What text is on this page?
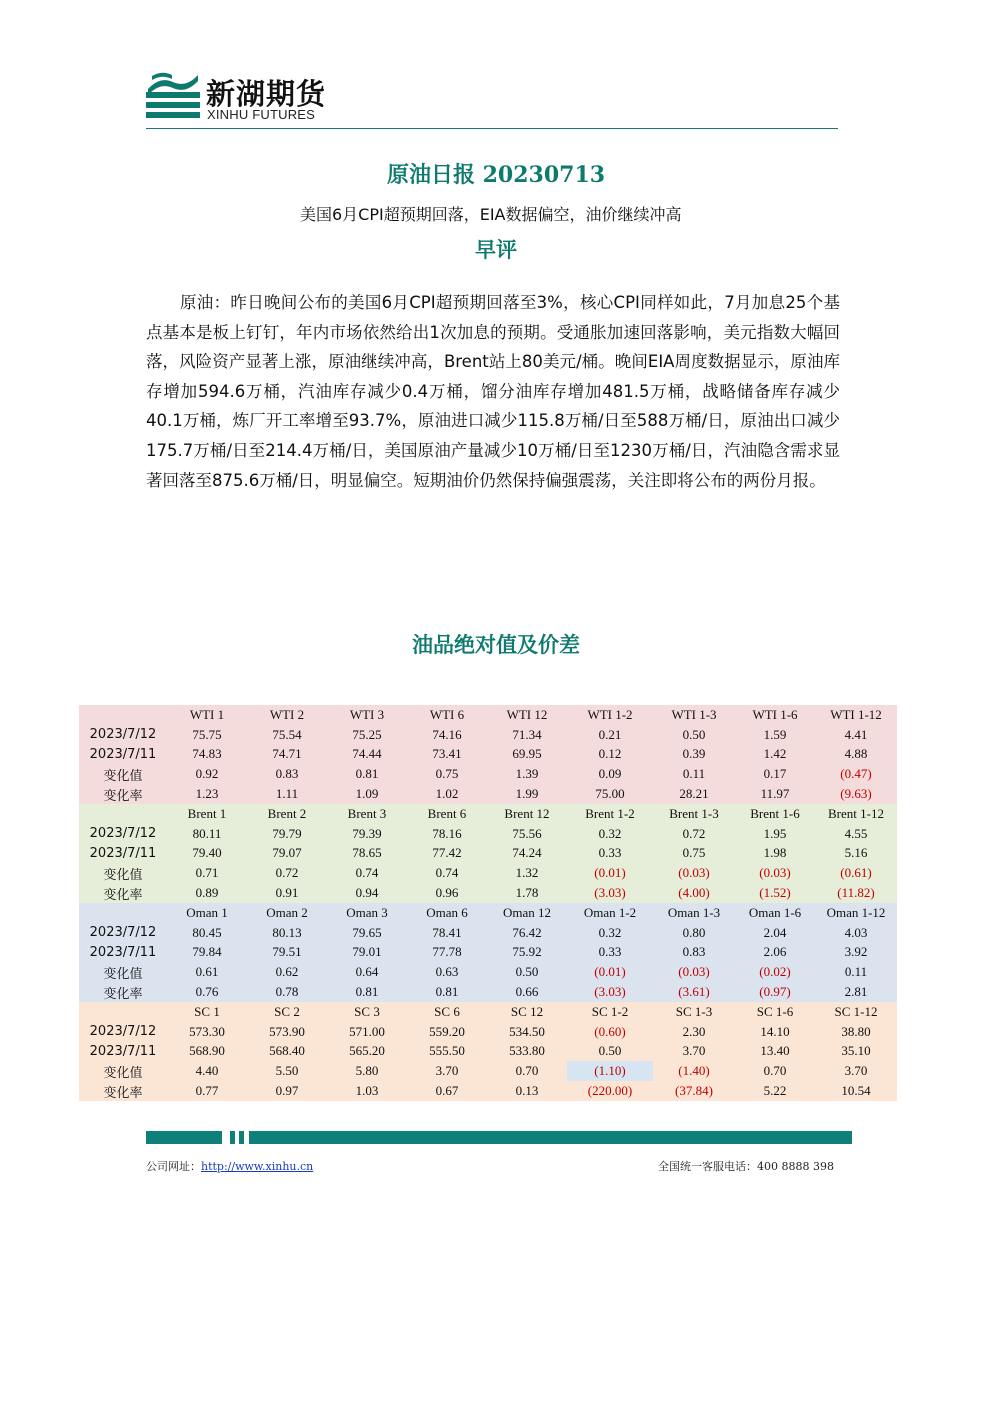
新湖期货
XINHU FUTURES
原油日报 20230713
美国6月CPI超预期回落，EIA数据偏空，油价继续冲高
早评

原油：昨日晚间公布的美国6月CPI超预期回落至3%，核心CPI同样如此，7月加息25个基点基本是板上钉钉，年内市场依然给出1次加息的预期。受通胀加速回落影响，美元指数大幅回落，风险资产显著上涨，原油继续冲高，Brent站上80美元/桶。晚间EIA周度数据显示，原油库存增加594.6万桶，汽油库存减少0.4万桶，馏分油库存增加481.5万桶，战略储备库存减少40.1万桶，炼厂开工率增至93.7%，原油进口减少115.8万桶/日至588万桶/日，原油出口减少175.7万桶/日至214.4万桶/日，美国原油产量减少10万桶/日至1230万桶/日，汽油隐含需求显著回落至875.6万桶/日，明显偏空。短期油价仍然保持偏强震荡，关注即将公布的两份月报。

油品绝对值及价差
	WTI 1	WTI 2	WTI 3	WTI 6	WTI 12	WTI 1-2	WTI 1-3	WTI 1-6	WTI 1-12
2023/7/12	75.75	75.54	75.25	74.16	71.34	0.21	0.50	1.59	4.41
2023/7/11	74.83	74.71	74.44	73.41	69.95	0.12	0.39	1.42	4.88
变化值	0.92	0.83	0.81	0.75	1.39	0.09	0.11	0.17	(0.47)
变化率	1.23	1.11	1.09	1.02	1.99	75.00	28.21	11.97	(9.63)
	Brent 1	Brent 2	Brent 3	Brent 6	Brent 12	Brent 1-2	Brent 1-3	Brent 1-6	Brent 1-12
2023/7/12	80.11	79.79	79.39	78.16	75.56	0.32	0.72	1.95	4.55
2023/7/11	79.40	79.07	78.65	77.42	74.24	0.33	0.75	1.98	5.16
变化值	0.71	0.72	0.74	0.74	1.32	(0.01)	(0.03)	(0.03)	(0.61)
变化率	0.89	0.91	0.94	0.96	1.78	(3.03)	(4.00)	(1.52)	(11.82)
	Oman 1	Oman 2	Oman 3	Oman 6	Oman 12	Oman 1-2	Oman 1-3	Oman 1-6	Oman 1-12
2023/7/12	80.45	80.13	79.65	78.41	76.42	0.32	0.80	2.04	4.03
2023/7/11	79.84	79.51	79.01	77.78	75.92	0.33	0.83	2.06	3.92
变化值	0.61	0.62	0.64	0.63	0.50	(0.01)	(0.03)	(0.02)	0.11
变化率	0.76	0.78	0.81	0.81	0.66	(3.03)	(3.61)	(0.97)	2.81
	SC 1	SC 2	SC 3	SC 6	SC 12	SC 1-2	SC 1-3	SC 1-6	SC 1-12
2023/7/12	573.30	573.90	571.00	559.20	534.50	(0.60)	2.30	14.10	38.80
2023/7/11	568.90	568.40	565.20	555.50	533.80	0.50	3.70	13.40	35.10
变化值	4.40	5.50	5.80	3.70	0.70	(1.10)	(1.40)	0.70	3.70
变化率	0.77	0.97	1.03	0.67	0.13	(220.00)	(37.84)	5.22	10.54
公司网址：http://www.xinhu.cn	全国统一客服电话：400 8888 398
